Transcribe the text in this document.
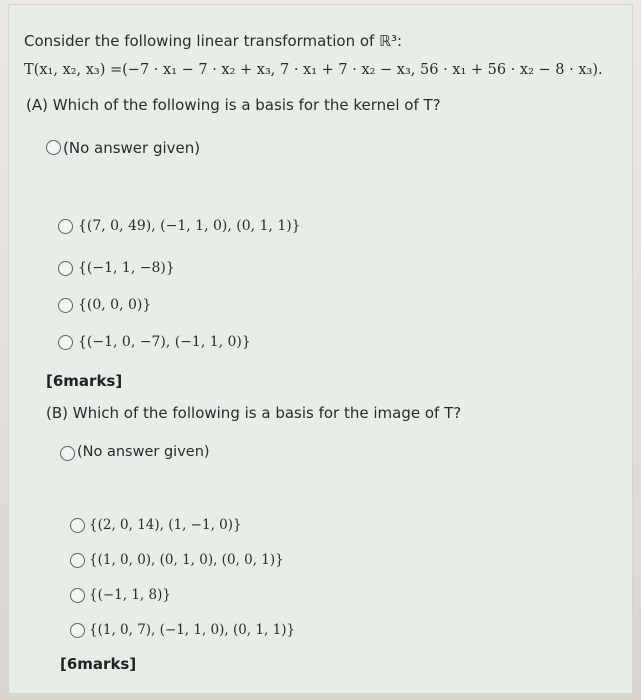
Consider the following linear transformation of ℝ³:
T(x₁, x₂, x₃) =(−7 · x₁ − 7 · x₂ + x₃, 7 · x₁ + 7 · x₂ − x₃, 56 · x₁ + 56 · x₂ − 8 · x₃).
(A) Which of the following is a basis for the kernel of T?
(No answer given)
{(7, 0, 49), (−1, 1, 0), (0, 1, 1)}
{(−1, 1, −8)}
{(0, 0, 0)}
{(−1, 0, −7), (−1, 1, 0)}
[6marks]
(B) Which of the following is a basis for the image of T?
(No answer given)
{(2, 0, 14), (1, −1, 0)}
{(1, 0, 0), (0, 1, 0), (0, 0, 1)}
{(−1, 1, 8)}
{(1, 0, 7), (−1, 1, 0), (0, 1, 1)}
[6marks]
